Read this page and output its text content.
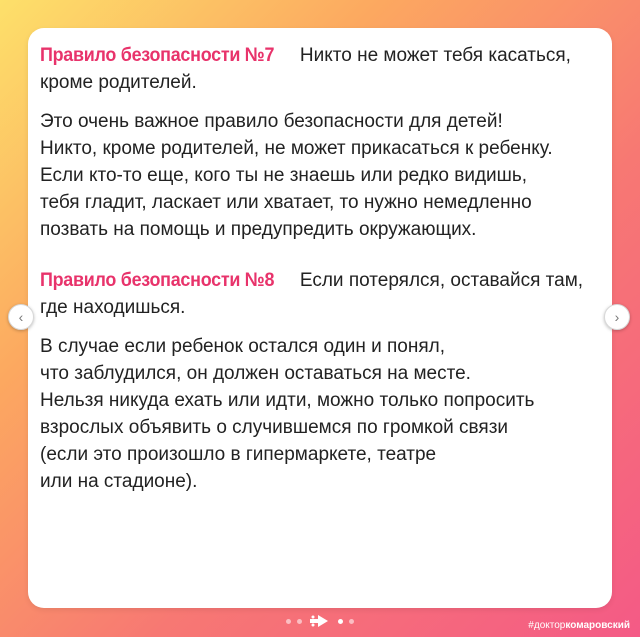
Правило безопасности №7 Никто не может тебя касаться, кроме родителей.

Это очень важное правило безопасности для детей!
Никто, кроме родителей, не может прикасаться к ребенку.
Если кто-то еще, кого ты не знаешь или редко видишь,
тебя гладит, ласкает или хватает, то нужно немедленно
позвать на помощь и предупредить окружающих.

Правило безопасности №8 Если потерялся, оставайся там, где находишься.

В случае если ребенок остался один и понял,
что заблудился, он должен оставаться на месте.
Нельзя никуда ехать или идти, можно только попросить
взрослых объявить о случившемся по громкой связи
(если это произошло в гипермаркете, театре
или на стадионе).

‹	›
#докторкомаровский
